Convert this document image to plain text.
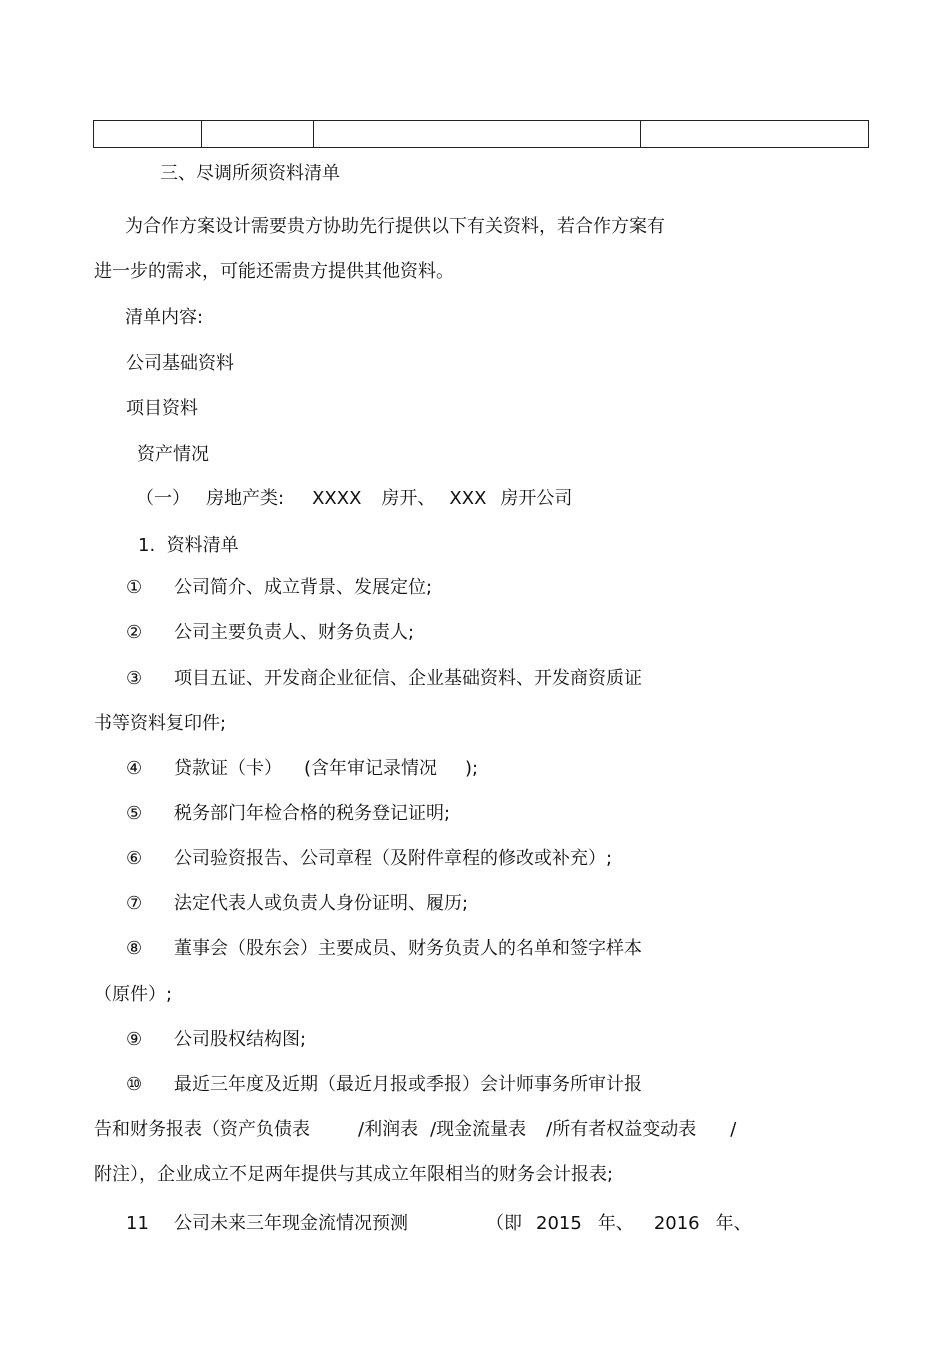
三、尽调所须资料清单
为合作方案设计需要贵方协助先行提供以下有关资料，若合作方案有
进一步的需求，可能还需贵方提供其他资料。
清单内容:
公司基础资料
项目资料
资产情况
（一） 房地产类: XXXX 房开、 XXX 房开公司
1.  资料清单
① 公司简介、成立背景、发展定位;
② 公司主要负责人、财务负责人;
③ 项目五证、开发商企业征信、企业基础资料、开发商资质证
书等资料复印件;
④ 贷款证（卡） (含年审记录情况 );
⑤ 税务部门年检合格的税务登记证明;
⑥ 公司验资报告、公司章程（及附件章程的修改或补充）;
⑦ 法定代表人或负责人身份证明、履历;
⑧ 董事会（股东会）主要成员、财务负责人的名单和签字样本
（原件）;
⑨ 公司股权结构图;
⑩ 最近三年度及近期（最近月报或季报）会计师事务所审计报
告和财务报表（资产负债表	/利润表 /现金流量表 /所有者权益变动表 /
附注），企业成立不足两年提供与其成立年限相当的财务会计报表;
11 公司未来三年现金流情况预测	（即 2015 年、 2016 年、
